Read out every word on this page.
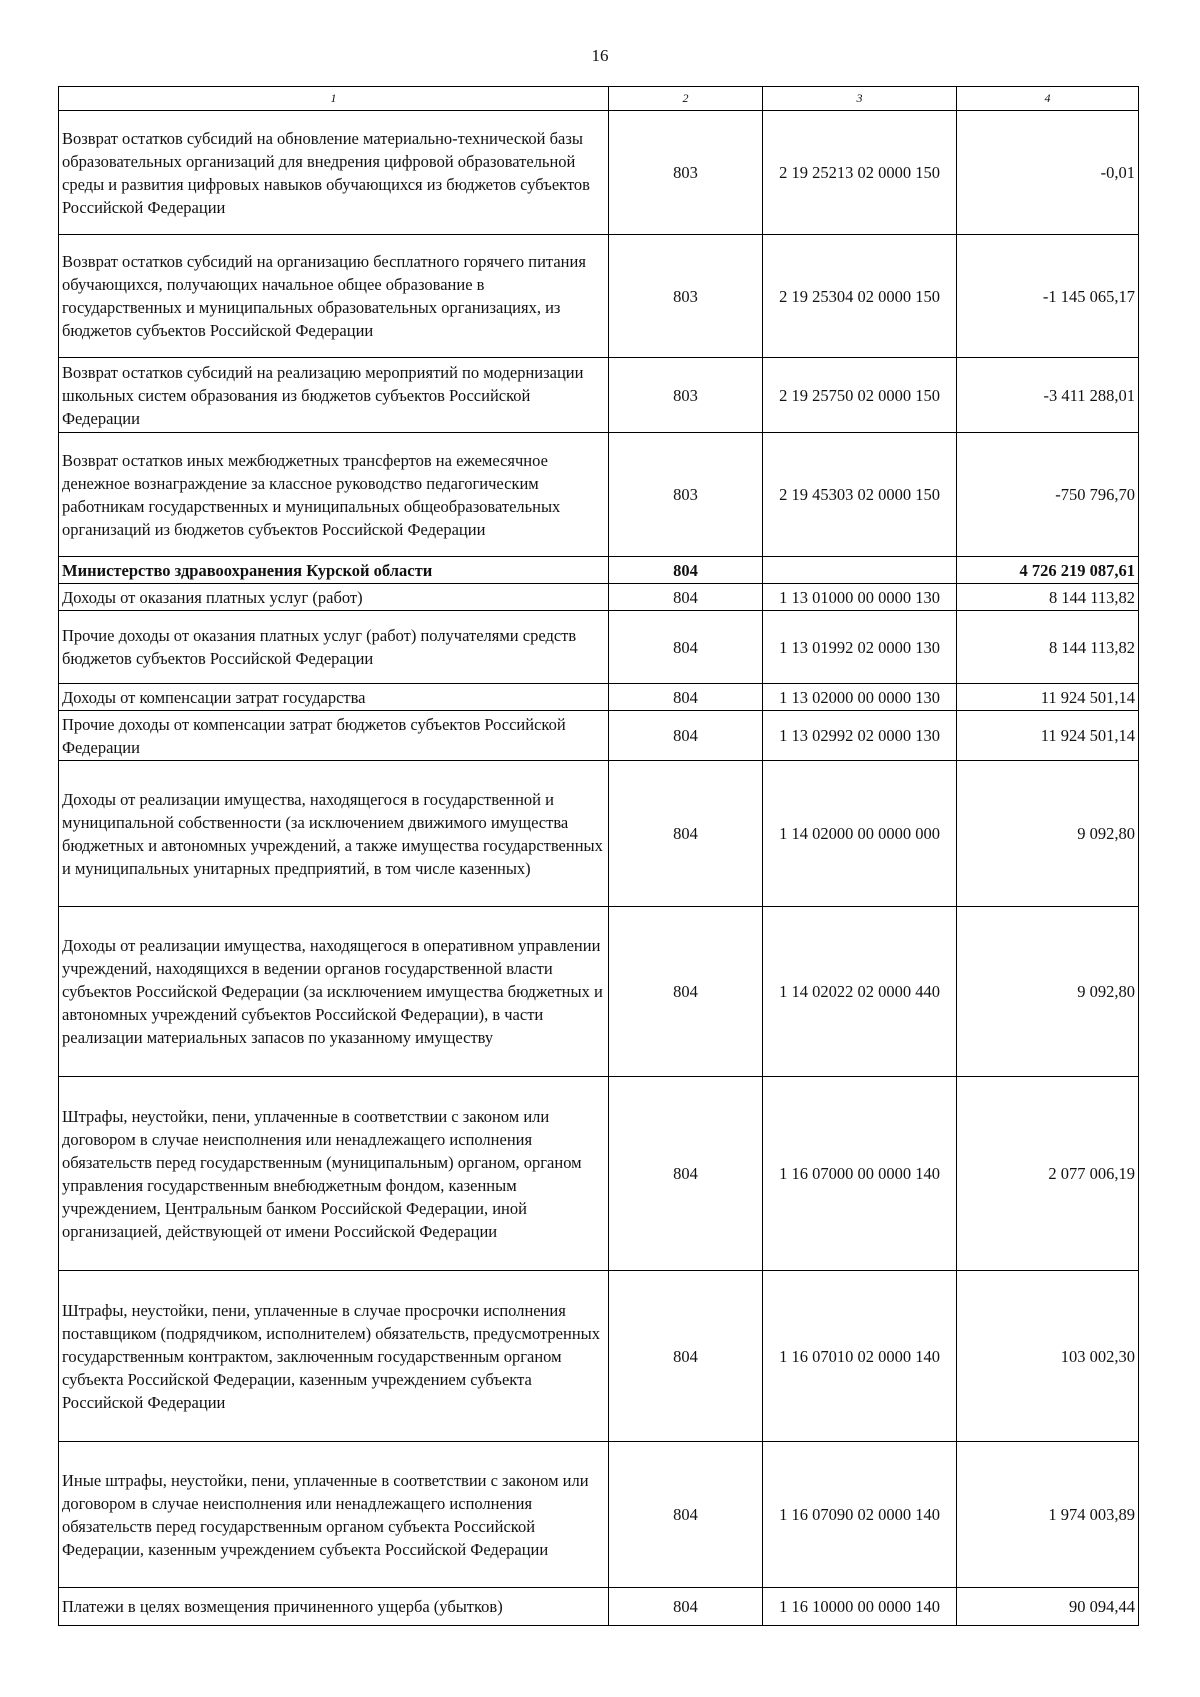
16
1	2	3	4
Возврат остатков субсидий на обновление материально-технической базы образовательных организаций для внедрения цифровой образовательной среды и развития цифровых навыков обучающихся из бюджетов субъектов Российской Федерации	803	2 19 25213 02 0000 150	-0,01
Возврат остатков субсидий на организацию бесплатного горячего питания обучающихся, получающих начальное общее образование в государственных и муниципальных образовательных организациях, из бюджетов субъектов Российской Федерации	803	2 19 25304 02 0000 150	-1 145 065,17
Возврат остатков субсидий на реализацию мероприятий по модернизации школьных систем образования из бюджетов субъектов Российской Федерации	803	2 19 25750 02 0000 150	-3 411 288,01
Возврат остатков иных межбюджетных трансфертов на ежемесячное денежное вознаграждение за классное руководство педагогическим работникам государственных и муниципальных общеобразовательных организаций из бюджетов субъектов Российской Федерации	803	2 19 45303 02 0000 150	-750 796,70
Министерство здравоохранения Курской области	804		4 726 219 087,61
Доходы от оказания платных услуг (работ)	804	1 13 01000 00 0000 130	8 144 113,82
Прочие доходы от оказания платных услуг (работ) получателями средств бюджетов субъектов Российской Федерации	804	1 13 01992 02 0000 130	8 144 113,82
Доходы от компенсации затрат государства	804	1 13 02000 00 0000 130	11 924 501,14
Прочие доходы от компенсации затрат бюджетов субъектов Российской Федерации	804	1 13 02992 02 0000 130	11 924 501,14
Доходы от реализации имущества, находящегося в государственной и муниципальной собственности (за исключением движимого имущества бюджетных и автономных учреждений, а также имущества государственных и муниципальных унитарных предприятий, в том числе казенных)	804	1 14 02000 00 0000 000	9 092,80
Доходы от реализации имущества, находящегося в оперативном управлении учреждений, находящихся в ведении органов государственной власти субъектов Российской Федерации (за исключением имущества бюджетных и автономных учреждений субъектов Российской Федерации), в части реализации материальных запасов по указанному имуществу	804	1 14 02022 02 0000 440	9 092,80
Штрафы, неустойки, пени, уплаченные в соответствии с законом или договором в случае неисполнения или ненадлежащего исполнения обязательств перед государственным (муниципальным) органом, органом управления государственным внебюджетным фондом, казенным учреждением, Центральным банком Российской Федерации, иной организацией, действующей от имени Российской Федерации	804	1 16 07000 00 0000 140	2 077 006,19
Штрафы, неустойки, пени, уплаченные в случае просрочки исполнения поставщиком (подрядчиком, исполнителем) обязательств, предусмотренных государственным контрактом, заключенным государственным органом субъекта Российской Федерации, казенным учреждением субъекта Российской Федерации	804	1 16 07010 02 0000 140	103 002,30
Иные штрафы, неустойки, пени, уплаченные в соответствии с законом или договором в случае неисполнения или ненадлежащего исполнения обязательств перед государственным органом субъекта Российской Федерации, казенным учреждением субъекта Российской Федерации	804	1 16 07090 02 0000 140	1 974 003,89
Платежи в целях возмещения причиненного ущерба (убытков)	804	1 16 10000 00 0000 140	90 094,44
